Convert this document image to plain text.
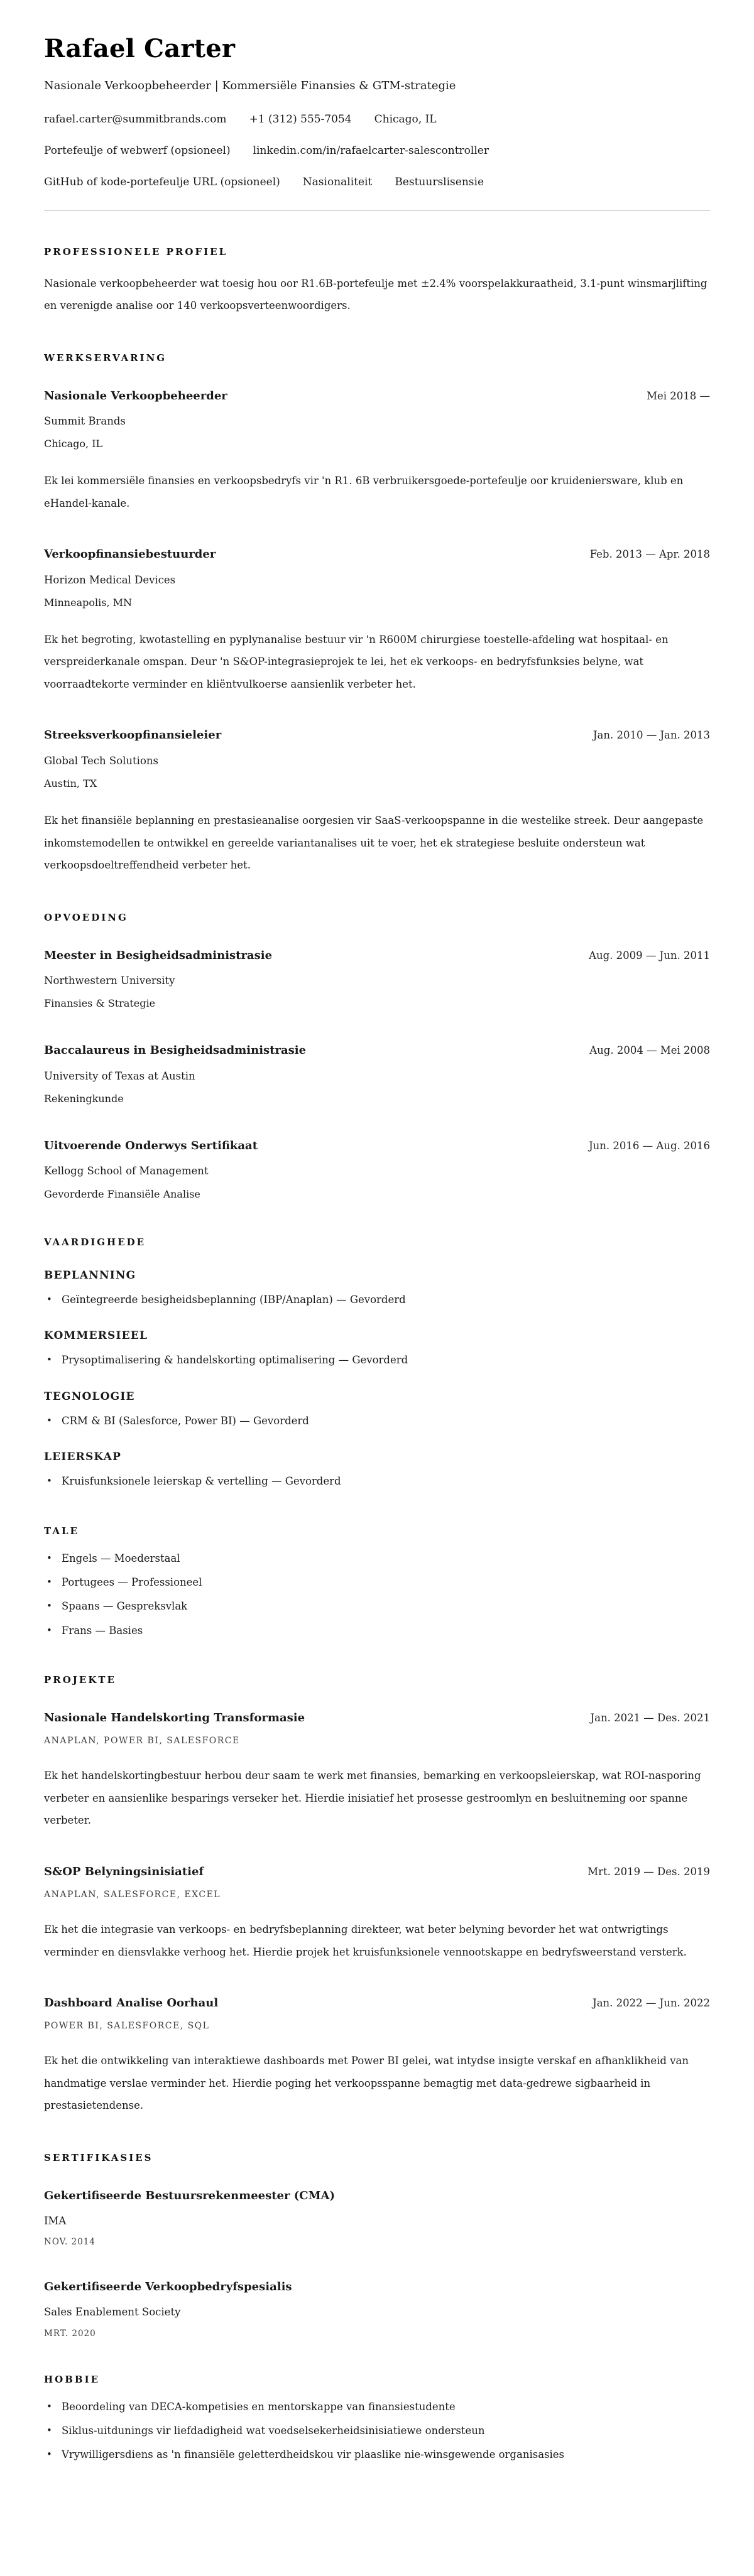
Rafael Carter
Nasionale Verkoopbeheerder | Kommersiële Finansies & GTM-strategie
rafael.carter@summitbrands.com +1 (312) 555-7054 Chicago, IL
Portefeulje of webwerf (opsioneel) linkedin.com/in/rafaelcarter-salescontroller
GitHub of kode-portefeulje URL (opsioneel) Nasionaliteit Bestuurslisensie
PROFESSIONELE PROFIEL

Nasionale verkoopbeheerder wat toesig hou oor R1.6B-portefeulje met ±2.4% voorspelakkuraatheid, 3.1-punt winsmarjlifting en verenigde analise oor 140 verkoopsverteenwoordigers.

WERKSERVARING
Nasionale Verkoopbeheerder	Mei 2018 —
Summit Brands
Chicago, IL

Ek lei kommersiële finansies en verkoopsbedryfs vir 'n R1. 6B verbruikersgoede-portefeulje oor kruideniersware, klub en eHandel-kanale.

Verkoopfinansiebestuurder	Feb. 2013 — Apr. 2018
Horizon Medical Devices
Minneapolis, MN

Ek het begroting, kwotastelling en pyplynanalise bestuur vir 'n R600M chirurgiese toestelle-afdeling wat hospitaal- en verspreiderkanale omspan. Deur 'n S&OP-integrasieprojek te lei, het ek verkoops- en bedryfsfunksies belyne, wat voorraadtekorte verminder en kliëntvulkoerse aansienlik verbeter het.

Streeksverkoopfinansieleier	Jan. 2010 — Jan. 2013
Global Tech Solutions
Austin, TX

Ek het finansiële beplanning en prestasieanalise oorgesien vir SaaS-verkoopspanne in die westelike streek. Deur aangepaste inkomstemodellen te ontwikkel en gereelde variantanalises uit te voer, het ek strategiese besluite ondersteun wat verkoopsdoeltreffendheid verbeter het.

OPVOEDING
Meester in Besigheidsadministrasie	Aug. 2009 — Jun. 2011
Northwestern University
Finansies & Strategie
Baccalaureus in Besigheidsadministrasie	Aug. 2004 — Mei 2008
University of Texas at Austin
Rekeningkunde
Uitvoerende Onderwys Sertifikaat	Jun. 2016 — Aug. 2016
Kellogg School of Management
Gevorderde Finansiële Analise
VAARDIGHEDE
BEPLANNING
• Geïntegreerde besigheidsbeplanning (IBP/Anaplan) — Gevorderd
KOMMERSIEEL
• Prysoptimalisering & handelskorting optimalisering — Gevorderd
TEGNOLOGIE
• CRM & BI (Salesforce, Power BI) — Gevorderd
LEIERSKAP
• Kruisfunksionele leierskap & vertelling — Gevorderd
TALE
• Engels — Moederstaal
• Portugees — Professioneel
• Spaans — Gespreksvlak
• Frans — Basies
PROJEKTE
Nasionale Handelskorting Transformasie	Jan. 2021 — Des. 2021
ANAPLAN, POWER BI, SALESFORCE

Ek het handelskortingbestuur herbou deur saam te werk met finansies, bemarking en verkoopsleierskap, wat ROI-nasporing verbeter en aansienlike besparings verseker het. Hierdie inisiatief het prosesse gestroomlyn en besluitneming oor spanne verbeter.

S&OP Belyningsinisiatief	Mrt. 2019 — Des. 2019
ANAPLAN, SALESFORCE, EXCEL

Ek het die integrasie van verkoops- en bedryfsbeplanning direkteer, wat beter belyning bevorder het wat ontwrigtings verminder en diensvlakke verhoog het. Hierdie projek het kruisfunksionele vennootskappe en bedryfsweerstand versterk.

Dashboard Analise Oorhaul	Jan. 2022 — Jun. 2022
POWER BI, SALESFORCE, SQL

Ek het die ontwikkeling van interaktiewe dashboards met Power BI gelei, wat intydse insigte verskaf en afhanklikheid van handmatige verslae verminder het. Hierdie poging het verkoopsspanne bemagtig met data-gedrewe sigbaarheid in prestasietendense.

SERTIFIKASIES
Gekertifiseerde Bestuursrekenmeester (CMA)
IMA
NOV. 2014
Gekertifiseerde Verkoopbedryfspesialis
Sales Enablement Society
MRT. 2020
HOBBIE
• Beoordeling van DECA-kompetisies en mentorskappe van finansiestudente
• Siklus-uitdunings vir liefdadigheid wat voedselsekerheidsinisiatiewe ondersteun
• Vrywilligersdiens as 'n finansiële geletterdheidskou vir plaaslike nie-winsgewende organisasies
